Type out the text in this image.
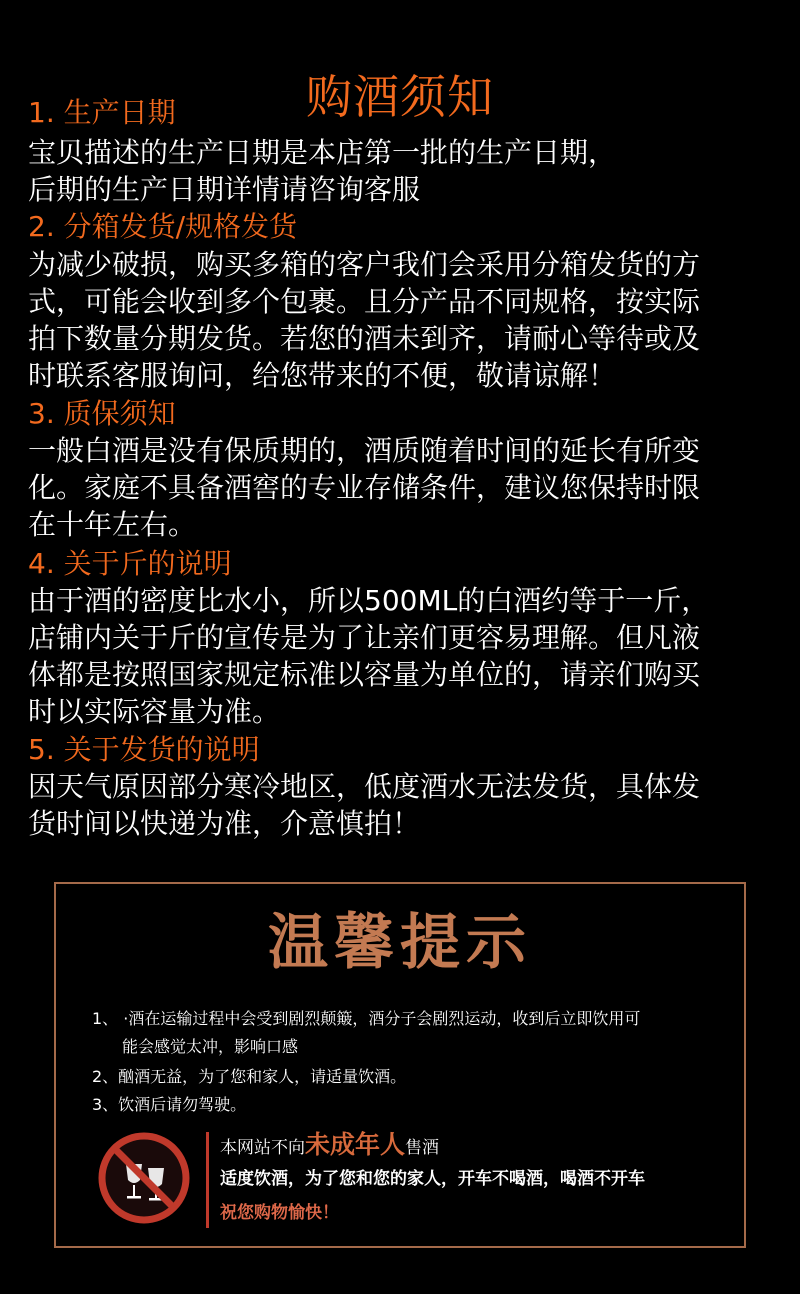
购酒须知
1. 生产日期
宝贝描述的生产日期是本店第一批的生产日期，
后期的生产日期详情请咨询客服
2. 分箱发货/规格发货
为减少破损，购买多箱的客户我们会采用分箱发货的方
式，可能会收到多个包裹。且分产品不同规格，按实际
拍下数量分期发货。若您的酒未到齐，请耐心等待或及
时联系客服询问，给您带来的不便，敬请谅解！
3. 质保须知
一般白酒是没有保质期的，酒质随着时间的延长有所变
化。家庭不具备酒窖的专业存储条件，建议您保持时限
在十年左右。
4. 关于斤的说明
由于酒的密度比水小，所以500ML的白酒约等于一斤，
店铺内关于斤的宣传是为了让亲们更容易理解。但凡液
体都是按照国家规定标准以容量为单位的，请亲们购买
时以实际容量为准。
5. 关于发货的说明
因天气原因部分寒冷地区，低度酒水无法发货，具体发
货时间以快递为准，介意慎拍！
温馨提示
1、 ·酒在运输过程中会受到剧烈颠簸，酒分子会剧烈运动，收到后立即饮用可
能会感觉太冲，影响口感
2、酗酒无益，为了您和家人，请适量饮酒。
3、饮酒后请勿驾驶。
本网站不向未成年人售酒
适度饮酒，为了您和您的家人，开车不喝酒，喝酒不开车
祝您购物愉快！
